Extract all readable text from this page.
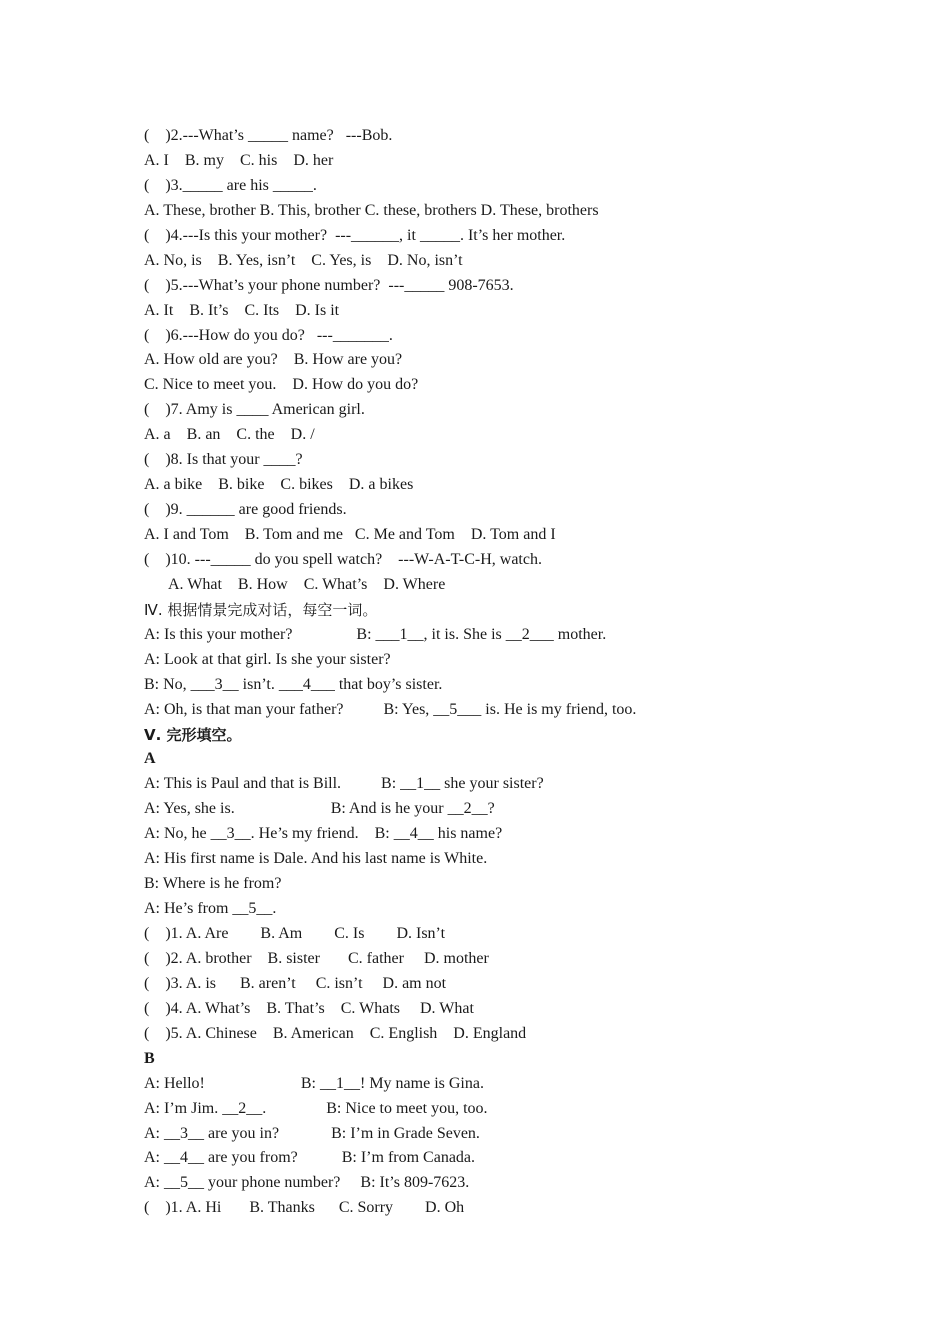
(    )2.---What’s _____ name?   ---Bob.
A. I    B. my    C. his    D. her
(    )3._____ are his _____.
A. These, brother B. This, brother C. these, brothers D. These, brothers
(    )4.---Is this your mother?  ---______, it _____. It’s her mother.
A. No, is    B. Yes, isn’t    C. Yes, is    D. No, isn’t
(    )5.---What’s your phone number?  ---_____ 908-7653.
A. It    B. It’s    C. Its    D. Is it
(    )6.---How do you do?   ---_______.
A. How old are you?    B. How are you?
C. Nice to meet you.    D. How do you do?
(    )7. Amy is ____ American girl.
A. a    B. an    C. the    D. /
(    )8. Is that your ____?
A. a bike    B. bike    C. bikes    D. a bikes
(    )9. ______ are good friends.
A. I and Tom    B. Tom and me   C. Me and Tom    D. Tom and I
(    )10. ---_____ do you spell watch?    ---W-A-T-C-H, watch.
A. What    B. How    C. What’s    D. Where
Ⅳ. 根据情景完成对话，每空一词。
A: Is this your mother?                B: ___1__, it is. She is __2___ mother.
A: Look at that girl. Is she your sister?
B: No, ___3__ isn’t. ___4___ that boy’s sister.
A: Oh, is that man your father?          B: Yes, __5___ is. He is my friend, too.
Ⅴ. 完形填空。
A
A: This is Paul and that is Bill.          B: __1__ she your sister?
A: Yes, she is.                        B: And is he your __2__?
A: No, he __3__. He’s my friend.    B: __4__ his name?
A: His first name is Dale. And his last name is White.
B: Where is he from?
A: He’s from __5__.
(    )1. A. Are        B. Am        C. Is        D. Isn’t
(    )2. A. brother    B. sister       C. father     D. mother
(    )3. A. is      B. aren’t     C. isn’t     D. am not
(    )4. A. What’s    B. That’s    C. Whats     D. What
(    )5. A. Chinese    B. American    C. English    D. England
B
A: Hello!                        B: __1__! My name is Gina.
A: I’m Jim. __2__.               B: Nice to meet you, too.
A: __3__ are you in?             B: I’m in Grade Seven.
A: __4__ are you from?           B: I’m from Canada.
A: __5__ your phone number?     B: It’s 809-7623.
(    )1. A. Hi       B. Thanks      C. Sorry        D. Oh
